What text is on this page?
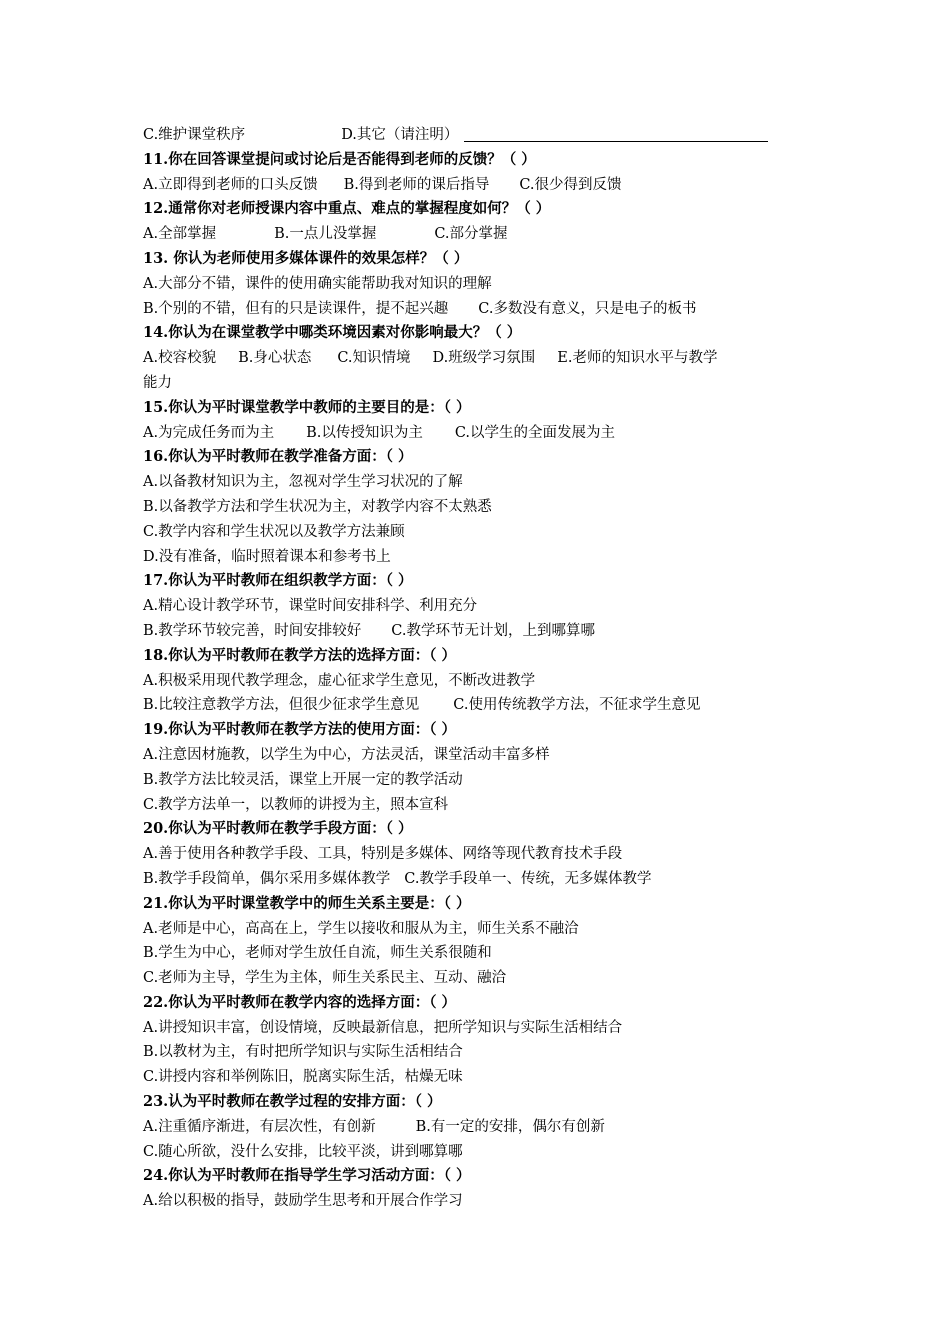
C.维护课堂秩序	D.其它（请注明）
11.你在回答课堂提问或讨论后是否能得到老师的反馈？（ ）
A.立即得到老师的口头反馈 B.得到老师的课后指导 C.很少得到反馈
12.通常你对老师授课内容中重点、难点的掌握程度如何？（ ）
A.全部掌握	B.一点儿没掌握	C.部分掌握
13. 你认为老师使用多媒体课件的效果怎样？（ ）
A.大部分不错，课件的使用确实能帮助我对知识的理解
B.个别的不错，但有的只是读课件，提不起兴趣 C.多数没有意义，只是电子的板书
14.你认为在课堂教学中哪类环境因素对你影响最大？（ ）
A.校容校貌 B.身心状态 C.知识情境 D.班级学习氛围 E.老师的知识水平与教学
能力
15.你认为平时课堂教学中教师的主要目的是：（ ）
A.为完成任务而为主 B.以传授知识为主 C.以学生的全面发展为主
16.你认为平时教师在教学准备方面：（ ）
A.以备教材知识为主，忽视对学生学习状况的了解
B.以备教学方法和学生状况为主，对教学内容不太熟悉
C.教学内容和学生状况以及教学方法兼顾
D.没有准备，临时照着课本和参考书上
17.你认为平时教师在组织教学方面：（ ）
A.精心设计教学环节，课堂时间安排科学、利用充分
B.教学环节较完善，时间安排较好 C.教学环节无计划，上到哪算哪
18.你认为平时教师在教学方法的选择方面：（ ）
A.积极采用现代教学理念，虚心征求学生意见，不断改进教学
B.比较注意教学方法，但很少征求学生意见 C.使用传统教学方法，不征求学生意见
19.你认为平时教师在教学方法的使用方面：（ ）
A.注意因材施教，以学生为中心，方法灵活，课堂活动丰富多样
B.教学方法比较灵活，课堂上开展一定的教学活动
C.教学方法单一，以教师的讲授为主，照本宣科
20.你认为平时教师在教学手段方面：（ ）
A.善于使用各种教学手段、工具，特别是多媒体、网络等现代教育技术手段
B.教学手段简单，偶尔采用多媒体教学 C.教学手段单一、传统，无多媒体教学
21.你认为平时课堂教学中的师生关系主要是：（ ）
A.老师是中心，高高在上，学生以接收和服从为主，师生关系不融洽
B.学生为中心，老师对学生放任自流，师生关系很随和
C.老师为主导，学生为主体，师生关系民主、互动、融洽
22.你认为平时教师在教学内容的选择方面：（ ）
A.讲授知识丰富，创设情境，反映最新信息，把所学知识与实际生活相结合
B.以教材为主，有时把所学知识与实际生活相结合
C.讲授内容和举例陈旧，脱离实际生活，枯燥无味
23.认为平时教师在教学过程的安排方面：（ ）
A.注重循序渐进，有层次性，有创新	B.有一定的安排，偶尔有创新
C.随心所欲，没什么安排，比较平淡，讲到哪算哪
24.你认为平时教师在指导学生学习活动方面：（ ）
A.给以积极的指导，鼓励学生思考和开展合作学习
